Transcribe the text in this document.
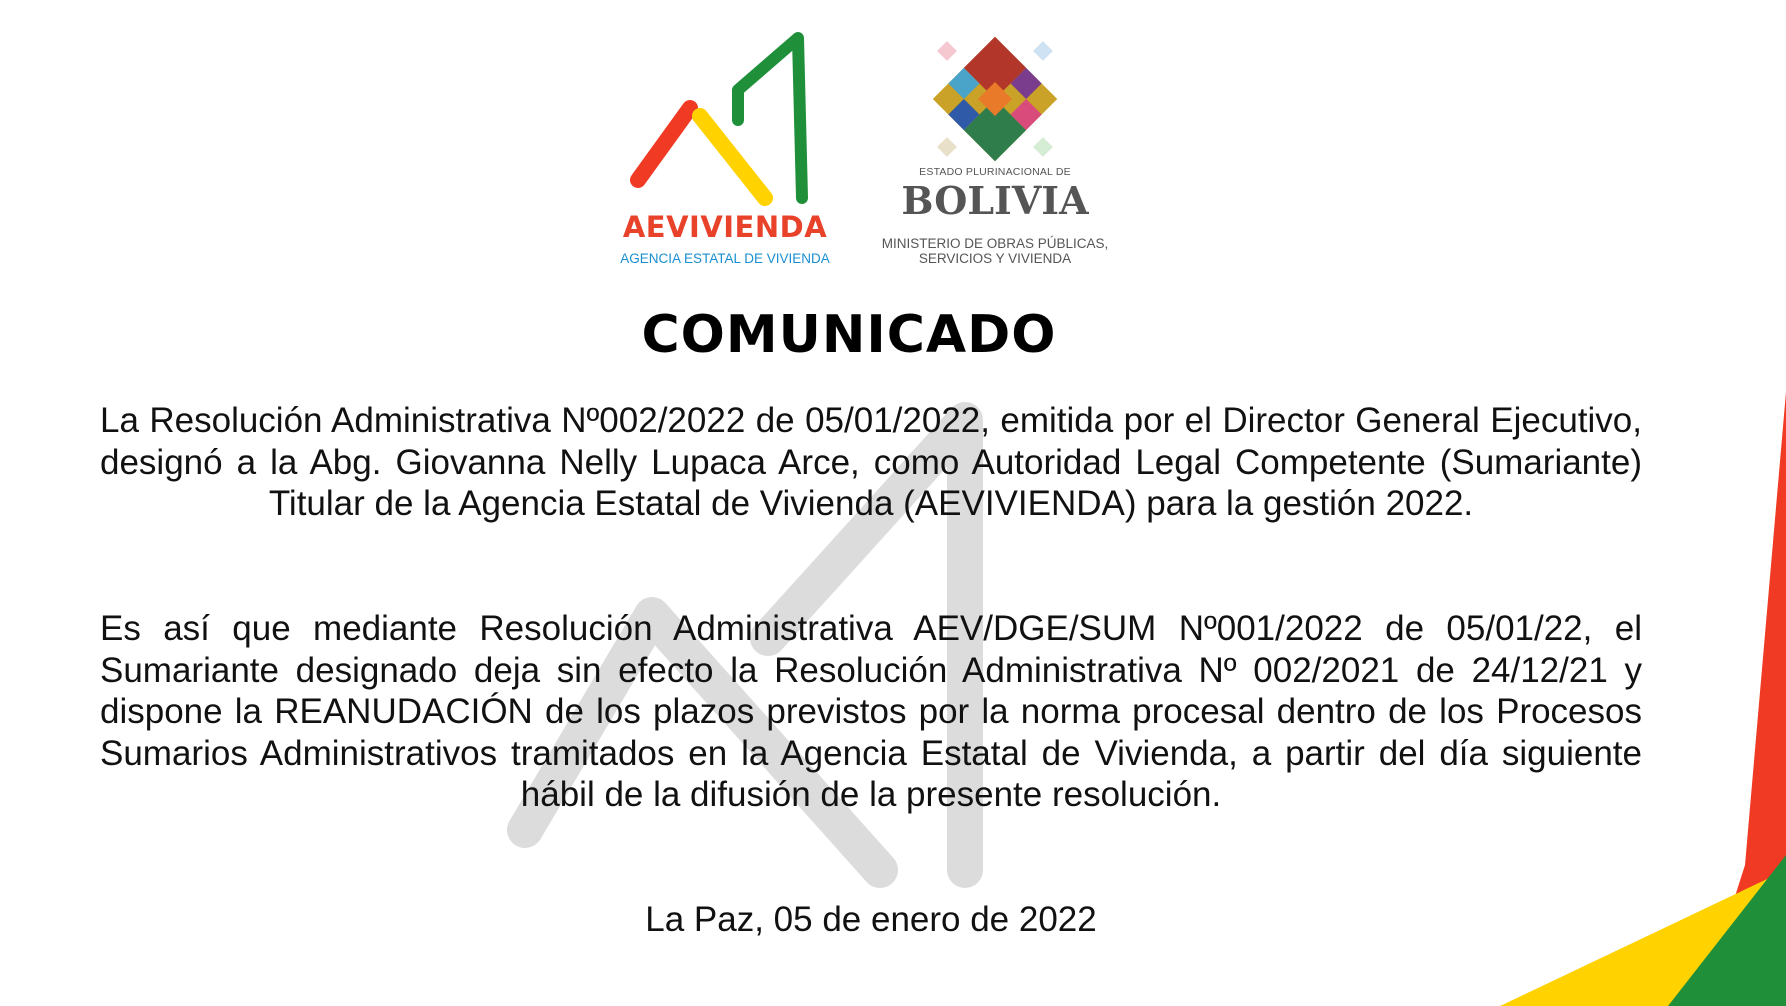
AEVIVIENDA
AGENCIA ESTATAL DE VIVIENDA
ESTADO PLURINACIONAL DE
BOLIVIA
MINISTERIO DE OBRAS PÚBLICAS,
SERVICIOS Y VIVIENDA
COMUNICADO

La Resolución Administrativa Nº002/2022 de 05/01/2022, emitida por el Director General Ejecutivo, designó a la Abg. Giovanna Nelly Lupaca Arce, como Autoridad Legal Competente (Sumariante) Titular de la Agencia Estatal de Vivienda (AEVIVIENDA) para la gestión 2022.

Es así que mediante Resolución Administrativa AEV/DGE/SUM Nº001/2022 de 05/01/22, el Sumariante designado deja sin efecto la Resolución Administrativa Nº 002/2021 de 24/12/21 y dispone la REANUDACIÓN de los plazos previstos por la norma procesal dentro de los Procesos Sumarios Administrativos tramitados en la Agencia Estatal de Vivienda, a partir del día siguiente hábil de la difusión de la presente resolución.

La Paz, 05 de enero de 2022
